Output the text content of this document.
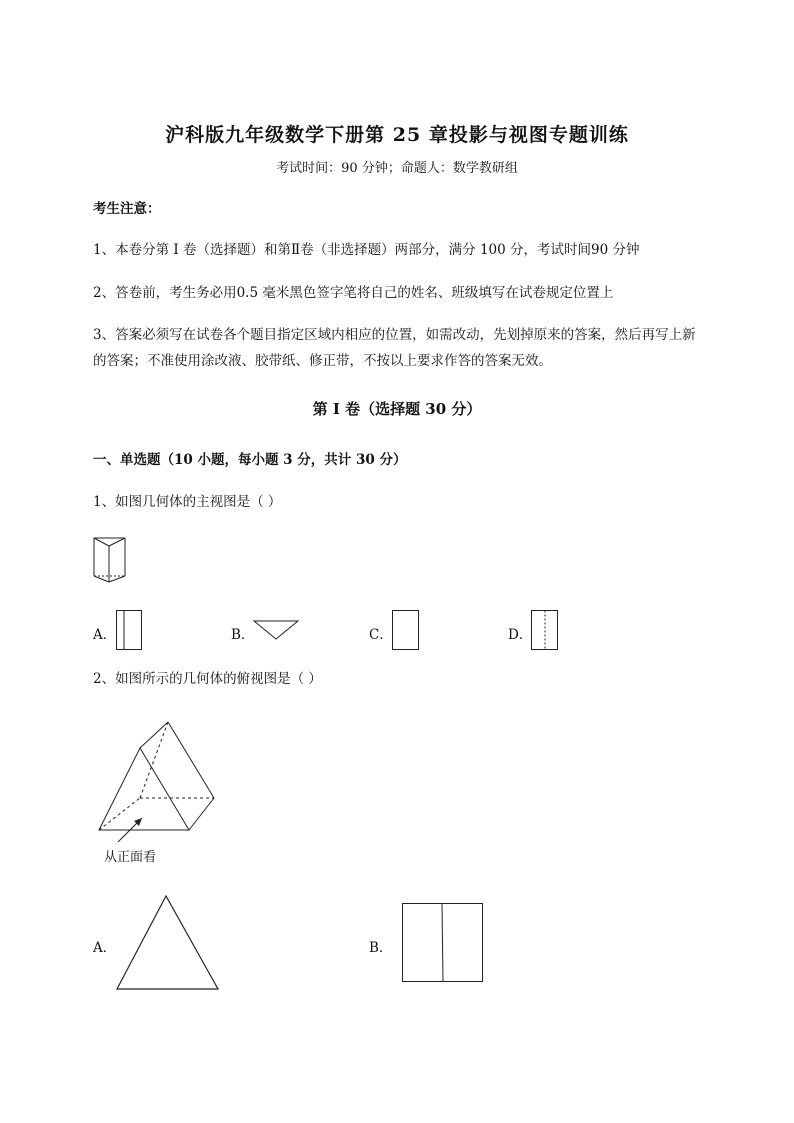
沪科版九年级数学下册第 25 章投影与视图专题训练
考试时间：90 分钟；命题人：数学教研组
考生注意：
1、本卷分第 I 卷（选择题）和第Ⅱ卷（非选择题）两部分，满分 100 分，考试时间90 分钟
2、答卷前，考生务必用0.5 毫米黑色签字笔将自己的姓名、班级填写在试卷规定位置上
3、答案必须写在试卷各个题目指定区域内相应的位置，如需改动，先划掉原来的答案，然后再写上新
的答案；不准使用涂改液、胶带纸、修正带，不按以上要求作答的答案无效。
第 I 卷（选择题 30 分）
一、单选题（10 小题，每小题 3 分，共计 30 分）
1、如图几何体的主视图是（ ）
A．	B．	C．	D．
2、如图所示的几何体的俯视图是（ ）
从正面看
A．	B．
